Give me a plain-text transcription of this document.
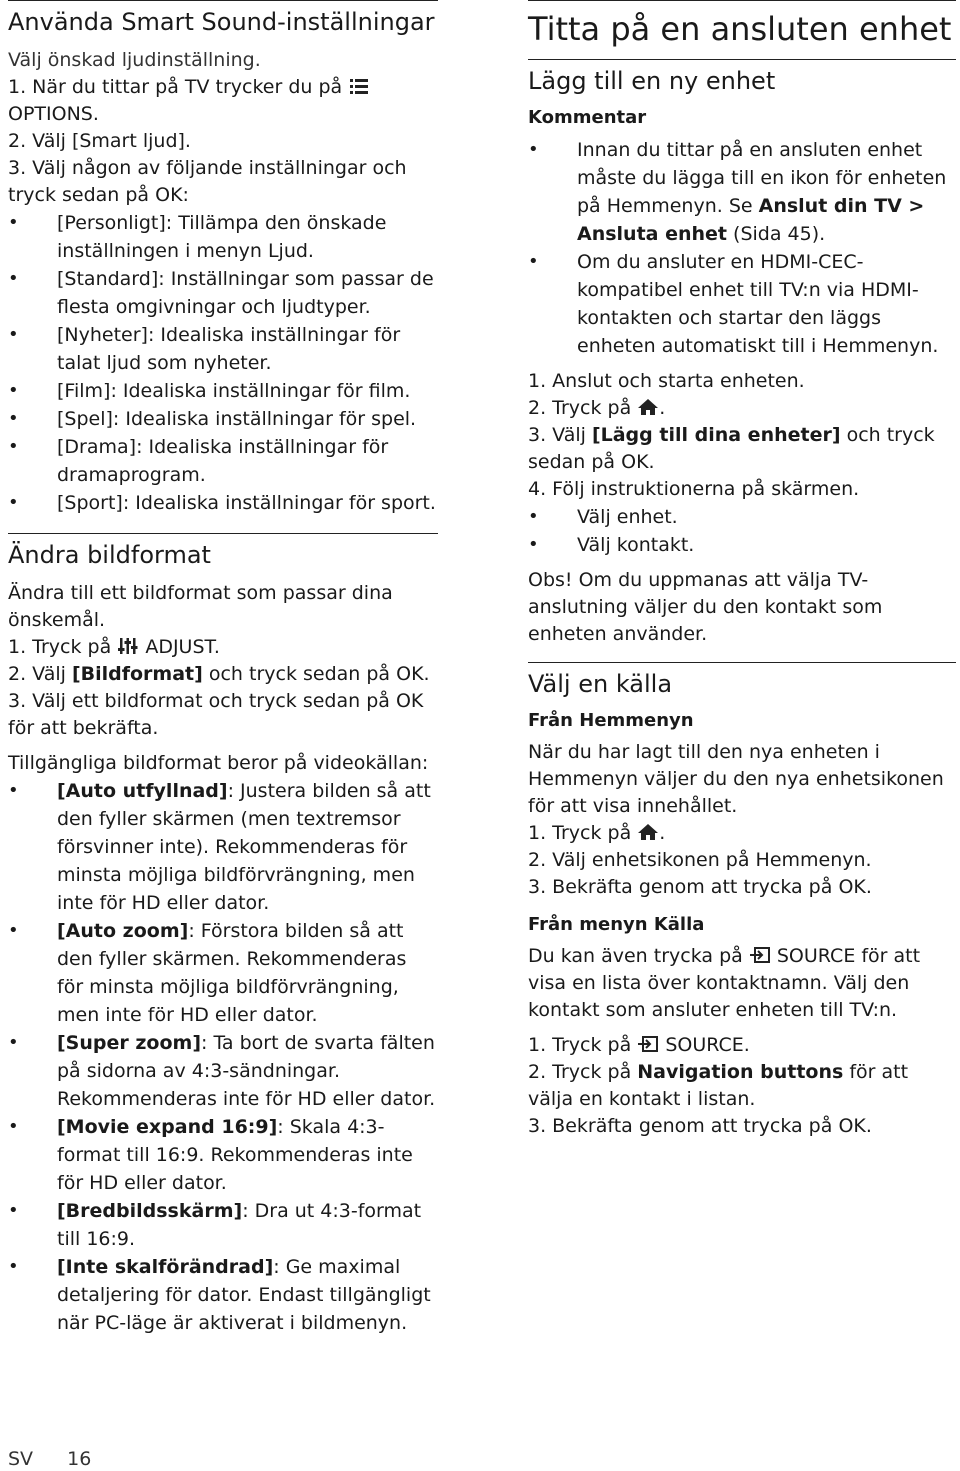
Använda Smart Sound-inställningar

Välj önskad ljudinställning.

1. När du tittar på TV trycker du på
OPTIONS.

2. Välj [Smart ljud].

3. Välj någon av följande inställningar och tryck sedan på OK:

• [Personligt]: Tillämpa den önskade inställningen i menyn Ljud.
• [Standard]: Inställningar som passar de flesta omgivningar och ljudtyper.
• [Nyheter]: Idealiska inställningar för talat ljud som nyheter.
• [Film]: Idealiska inställningar för film.
• [Spel]: Idealiska inställningar för spel.
• [Drama]: Idealiska inställningar för dramaprogram.
• [Sport]: Idealiska inställningar för sport.
Ändra bildformat

Ändra till ett bildformat som passar dina önskemål.

1. Tryck på ADJUST.

2. Välj [Bildformat] och tryck sedan på OK.

3. Välj ett bildformat och tryck sedan på OK för att bekräfta.

Tillgängliga bildformat beror på videokällan:

• [Auto utfyllnad]: Justera bilden så att den fyller skärmen (men textremsor försvinner inte). Rekommenderas för minsta möjliga bildförvrängning, men inte för HD eller dator.
• [Auto zoom]: Förstora bilden så att den fyller skärmen. Rekommenderas för minsta möjliga bildförvrängning, men inte för HD eller dator.
• [Super zoom]: Ta bort de svarta fälten på sidorna av 4:3-sändningar. Rekommenderas inte för HD eller dator.
• [Movie expand 16:9]: Skala 4:3-format till 16:9. Rekommenderas inte för HD eller dator.
• [Bredbildsskärm]: Dra ut 4:3-format till 16:9.
• [Inte skalförändrad]: Ge maximal detaljering för dator. Endast tillgängligt när PC-läge är aktiverat i bildmenyn.
Titta på en ansluten enhet
Lägg till en ny enhet
Kommentar
• Innan du tittar på en ansluten enhet måste du lägga till en ikon för enheten på Hemmenyn. Se Anslut din TV > Ansluta enhet (Sida 45).
• Om du ansluter en HDMI-CEC-kompatibel enhet till TV:n via HDMI-kontakten och startar den läggs enheten automatiskt till i Hemmenyn.

1. Anslut och starta enheten.

2. Tryck på .

3. Välj [Lägg till dina enheter] och tryck sedan på OK.

4. Följ instruktionerna på skärmen.

• Välj enhet.
• Välj kontakt.

Obs! Om du uppmanas att välja TV-anslutning väljer du den kontakt som enheten använder.

Välj en källa
Från Hemmenyn

När du har lagt till den nya enheten i Hemmenyn väljer du den nya enhetsikonen för att visa innehållet.

1. Tryck på .

2. Välj enhetsikonen på Hemmenyn.

3. Bekräfta genom att trycka på OK.

Från menyn Källa

Du kan även trycka på SOURCE för att visa en lista över kontaktnamn. Välj den kontakt som ansluter enheten till TV:n.

1. Tryck på SOURCE.

2. Tryck på Navigation buttons för att välja en kontakt i listan.

3. Bekräfta genom att trycka på OK.

SV 16
